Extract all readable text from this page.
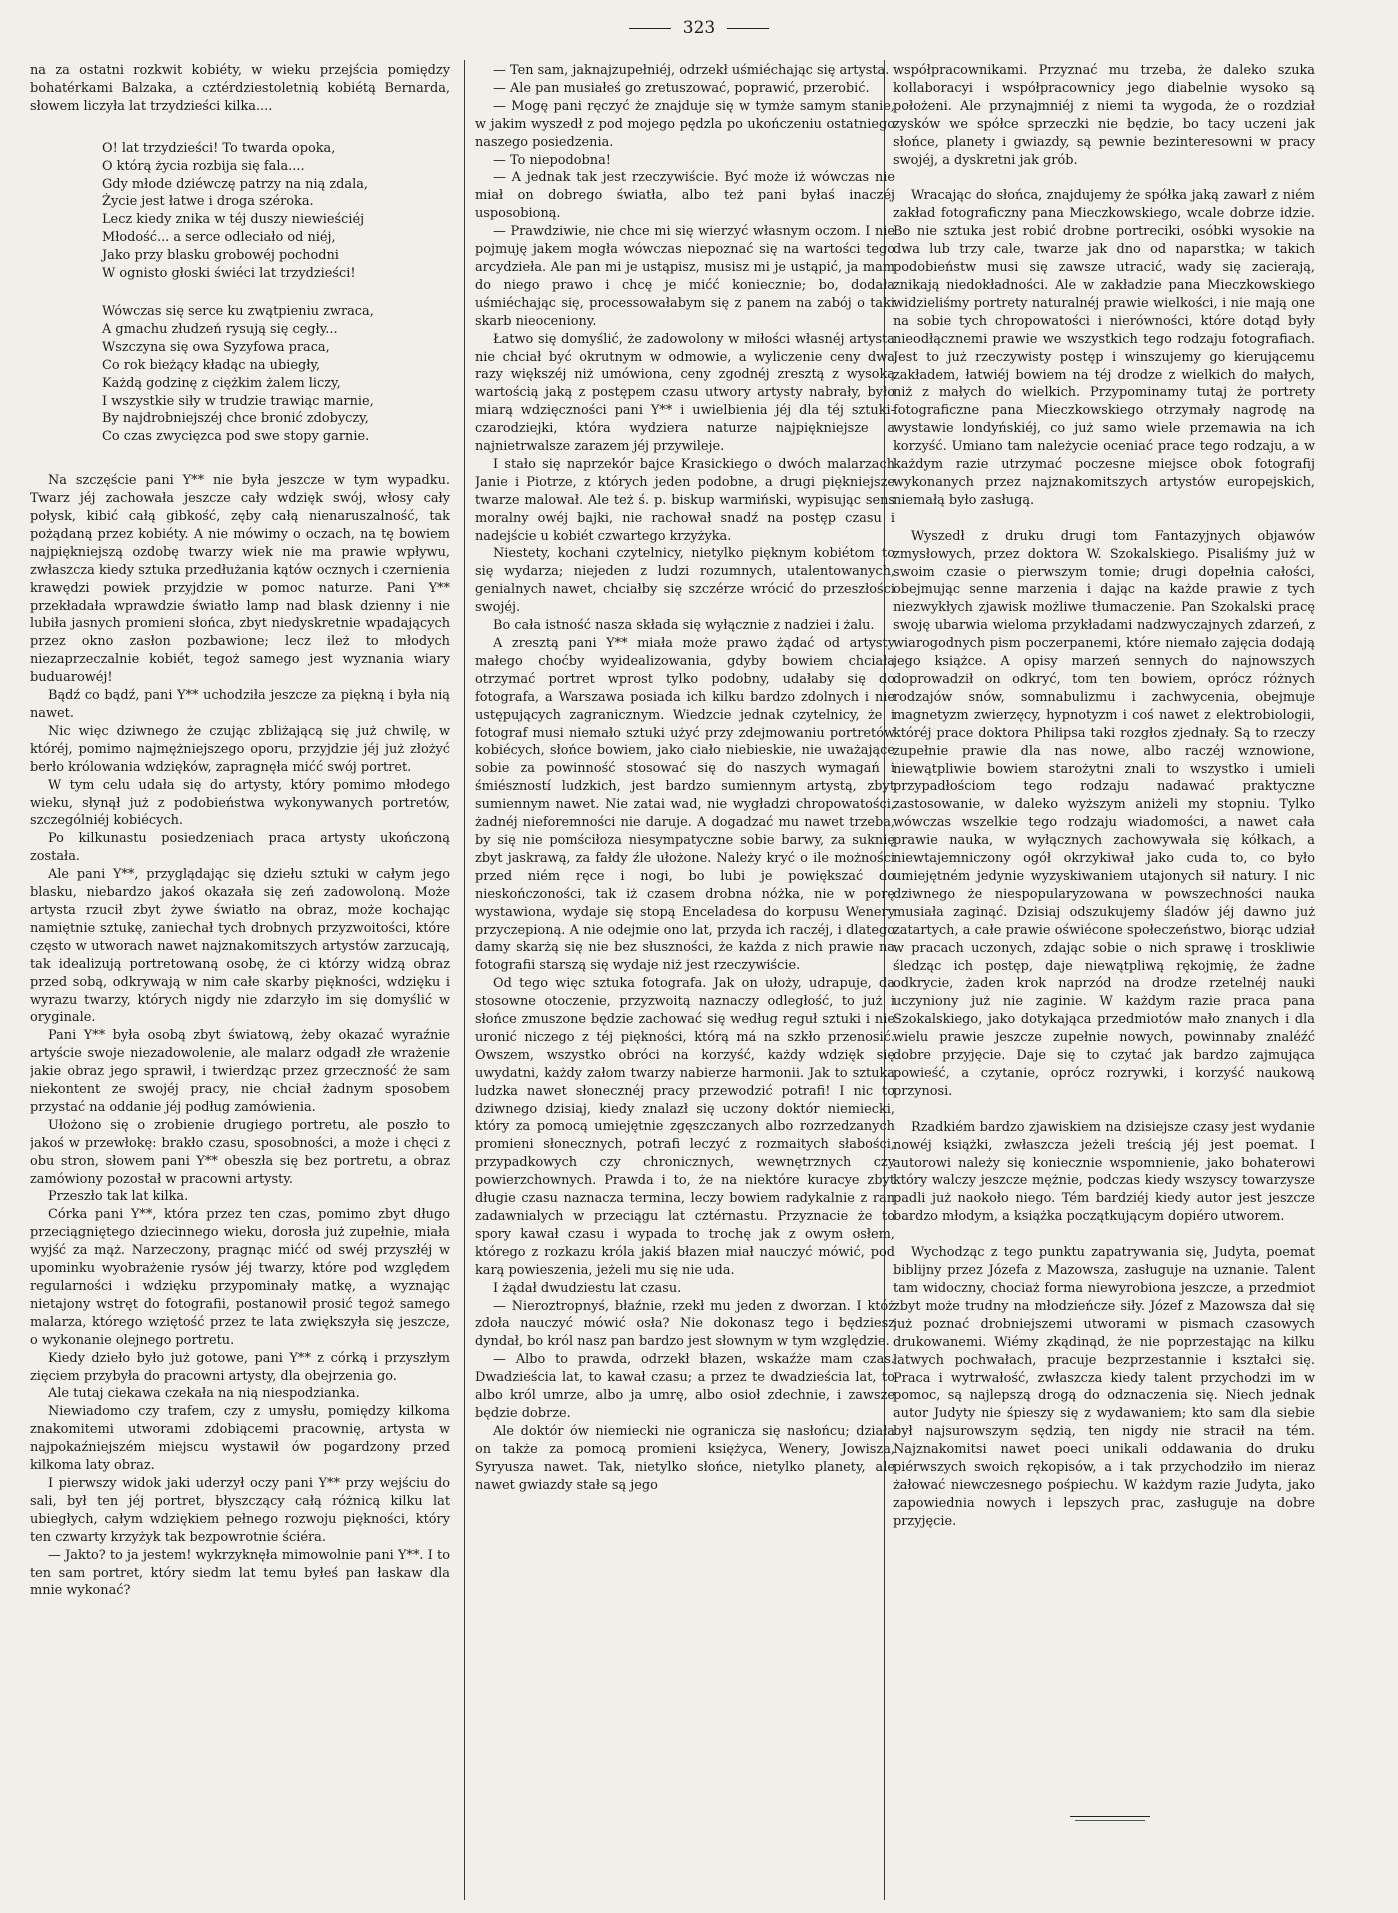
323

na za ostatni rozkwit kobiéty, w wieku przejścia pomiędzy bohatérkami Balzaka, a cztérdziestoletnią kobiétą Bernarda, słowem liczyła lat trzydzieści kilka....

O! lat trzydzieści! To twarda opoka,
O którą życia rozbija się fala....
Gdy młode dziéwczę patrzy na nią zdala,
Życie jest łatwe i droga széroka.
Lecz kiedy znika w téj duszy niewieściéj
Młodość... a serce odleciało od niéj,
Jako przy blasku grobowéj pochodni
W ognisto głoski świéci lat trzydzieści!
Wówczas się serce ku zwątpieniu zwraca,
A gmachu złudzeń rysują się cegły...
Wszczyna się owa Syzyfowa praca,
Co rok bieżący kładąc na ubiegły,
Każdą godzinę z ciężkim żalem liczy,
I wszystkie siły w trudzie trawiąc marnie,
By najdrobniejszéj chce bronić zdobyczy,
Co czas zwycięzca pod swe stopy garnie.

Na szczęście pani Y** nie była jeszcze w tym wypadku. Twarz jéj zachowała jeszcze cały wdzięk swój, włosy cały połysk, kibić całą gibkość, zęby całą nienaruszalność, tak pożądaną przez kobiéty. A nie mówimy o oczach, na tę bowiem najpiękniejszą ozdobę twarzy wiek nie ma prawie wpływu, zwłaszcza kiedy sztuka przedłużania kątów ocznych i czernienia krawędzi powiek przyjdzie w pomoc naturze. Pani Y** przekładała wprawdzie światło lamp nad blask dzienny i nie lubiła jasnych promieni słońca, zbyt niedyskretnie wpadających przez okno zasłon pozbawione; lecz ileż to młodych niezaprzeczalnie kobiét, tegoż samego jest wyznania wiary buduarowéj!

Bądź co bądź, pani Y** uchodziła jeszcze za piękną i była nią nawet.

Nic więc dziwnego że czując zbliżającą się już chwilę, w któréj, pomimo najmężniejszego oporu, przyjdzie jéj już złożyć berło królowania wdzięków, zapragnęła mićć swój portret.

W tym celu udała się do artysty, który pomimo młodego wieku, słynął już z podobieństwa wykonywanych portretów, szczególniéj kobiécych.

Po kilkunastu posiedzeniach praca artysty ukończoną została.

Ale pani Y**, przyglądając się dziełu sztuki w całym jego blasku, niebardzo jakoś okazała się zeń zadowoloną. Może artysta rzucił zbyt żywe światło na obraz, może kochając namiętnie sztukę, zaniechał tych drobnych przyzwoitości, które często w utworach nawet najznakomitszych artystów zarzucają, tak idealizują portretowaną osobę, że ci którzy widzą obraz przed sobą, odkrywają w nim całe skarby piękności, wdzięku i wyrazu twarzy, których nigdy nie zdarzyło im się domyślić w oryginale.

Pani Y** była osobą zbyt światową, żeby okazać wyraźnie artyście swoje niezadowolenie, ale malarz odgadł złe wrażenie jakie obraz jego sprawił, i twierdząc przez grzeczność że sam niekontent ze swojéj pracy, nie chciał żadnym sposobem przystać na oddanie jéj podług zamówienia.

Ułożono się o zrobienie drugiego portretu, ale poszło to jakoś w przewłokę: brakło czasu, sposobności, a może i chęci z obu stron, słowem pani Y** obeszła się bez portretu, a obraz zamówiony pozostał w pracowni artysty.

Przeszło tak lat kilka.

Córka pani Y**, która przez ten czas, pomimo zbyt długo przeciągniętego dziecinnego wieku, dorosła już zupełnie, miała wyjść za mąż. Narzeczony, pragnąc mićć od swéj przyszłéj w upominku wyobrażenie rysów jéj twarzy, które pod względem regularności i wdzięku przypominały matkę, a wyznając nietajony wstręt do fotografii, postanowił prosić tegoż samego malarza, którego wziętość przez te lata zwiększyła się jeszcze, o wykonanie olejnego portretu.

Kiedy dzieło było już gotowe, pani Y** z córką i przyszłym zięciem przybyła do pracowni artysty, dla obejrzenia go.

Ale tutaj ciekawa czekała na nią niespodzianka.

Niewiadomo czy trafem, czy z umysłu, pomiędzy kilkoma znakomitemi utworami zdobiącemi pracownię, artysta w najpokaźniejszém miejscu wystawił ów pogardzony przed kilkoma laty obraz.

I pierwszy widok jaki uderzył oczy pani Y** przy wejściu do sali, był ten jéj portret, błyszczący całą różnicą kilku lat ubiegłych, całym wdziękiem pełnego rozwoju piękności, który ten czwarty krzyżyk tak bezpowrotnie ściéra.

— Jakto? to ja jestem! wykrzyknęła mimowolnie pani Y**. I to ten sam portret, który siedm lat temu byłeś pan łaskaw dla mnie wykonać?

— Ten sam, jaknajzupełniéj, odrzekł uśmiéchając się artysta.

— Ale pan musiałeś go zretuszować, poprawić, przerobić.

— Mogę pani ręczyć że znajduje się w tymże samym stanie, w jakim wyszedł z pod mojego pędzla po ukończeniu ostatniego naszego posiedzenia.

— To niepodobna!

— A jednak tak jest rzeczywiście. Być może iż wówczas nie miał on dobrego światła, albo też pani byłaś inaczéj usposobioną.

— Prawdziwie, nie chce mi się wierzyć własnym oczom. I nie pojmuję jakem mogła wówczas niepoznać się na wartości tego arcydzieła. Ale pan mi je ustąpisz, musisz mi je ustąpić, ja mam do niego prawo i chcę je mićć koniecznie; bo, dodała uśmiéchając się, processowałabym się z panem na zabój o taki skarb nieoceniony.

Łatwo się domyślić, że zadowolony w miłości własnéj artysta nie chciał być okrutnym w odmowie, a wyliczenie ceny dwa razy większéj niż umówiona, ceny zgodnéj zresztą z wysoką wartością jaką z postępem czasu utwory artysty nabrały, było miarą wdzięczności pani Y** i uwielbienia jéj dla téj sztuki-czarodziejki, która wydziera naturze najpiękniejsze a najnietrwalsze zarazem jéj przywileje.

I stało się naprzekór bajce Krasickiego o dwóch malarzach Janie i Piotrze, z których jeden podobne, a drugi piękniejsze twarze malował. Ale też ś. p. biskup warmiński, wypisując sens moralny owéj bajki, nie rachował snadź na postęp czasu i nadejście u kobiét czwartego krzyżyka.

Niestety, kochani czytelnicy, nietylko pięknym kobiétom to się wydarza; niejeden z ludzi rozumnych, utalentowanych, genialnych nawet, chciałby się szczérze wrócić do przeszłości swojéj.

Bo cała istność nasza składa się wyłącznie z nadziei i żalu.

A zresztą pani Y** miała może prawo żądać od artysty małego choćby wyidealizowania, gdyby bowiem chciała otrzymać portret wprost tylko podobny, udałaby się do fotografa, a Warszawa posiada ich kilku bardzo zdolnych i nie ustępujących zagranicznym. Wiedzcie jednak czytelnicy, że i fotograf musi niemało sztuki użyć przy zdejmowaniu portretów kobiécych, słońce bowiem, jako ciało niebieskie, nie uważające sobie za powinność stosować się do naszych wymagań i śmiészností ludzkich, jest bardzo sumiennym artystą, zbyt sumiennym nawet. Nie zatai wad, nie wygładzi chropowatości, żadnéj nieforemności nie daruje. A dogadzać mu nawet trzeba, by się nie pomściłoza niesympatyczne sobie barwy, za suknię zbyt jaskrawą, za fałdy źle ułożone. Należy kryć o ile możności przed niém ręce i nogi, bo lubi je powiększać do nieskończoności, tak iż czasem drobna nóżka, nie w porę wystawiona, wydaje się stopą Enceladesa do korpusu Wenery przyczepioną. A nie odejmie ono lat, przyda ich raczéj, i dlatego damy skarżą się nie bez słuszności, że każda z nich prawie na fotografii starszą się wydaje niż jest rzeczywiście.

Od tego więc sztuka fotografa. Jak on ułoży, udrapuje, da stosowne otoczenie, przyzwoitą naznaczy odległość, to już i słońce zmuszone będzie zachować się według reguł sztuki i nie uronić niczego z téj piękności, którą má na szkło przenosić. Owszem, wszystko obróci na korzyść, każdy wdzięk się uwydatni, każdy załom twarzy nabierze harmonii. Jak to sztuka ludzka nawet słonecznéj pracy przewodzić potrafi! I nic to dziwnego dzisiaj, kiedy znalazł się uczony doktór niemiecki, który za pomocą umiejętnie zgęszczanych albo rozrzedzanych promieni słonecznych, potrafi leczyć z rozmaitych słabości, przypadkowych czy chronicznych, wewnętrznych czy powierzchownych. Prawda i to, że na niektóre kuracye zbyt długie czasu naznacza termina, leczy bowiem radykalnie z ran zadawnialych w przeciągu lat cztérnastu. Przyznacie że to spory kawał czasu i wypada to trochę jak z owym osłem, którego z rozkazu króla jakiś błazen miał nauczyć mówić, pod karą powieszenia, jeżeli mu się nie uda.

I żądał dwudziestu lat czasu.

— Nieroztropnyś, błaźnie, rzekł mu jeden z dworzan. I któż zdoła nauczyć mówić osła? Nie dokonasz tego i będziesz dyndał, bo król nasz pan bardzo jest słownym w tym względzie.

— Albo to prawda, odrzekł błazen, wskaźże mam czas. Dwadzieścia lat, to kawał czasu; a przez te dwadzieścia lat, to albo król umrze, albo ja umrę, albo osioł zdechnie, i zawsze będzie dobrze.

Ale doktór ów niemiecki nie ogranicza się nasłońcu; działa on także za pomocą promieni księżyca, Wenery, Jowisza, Syryusza nawet. Tak, nietylko słońce, nietylko planety, ale nawet gwiazdy stałe są jego

współpracownikami. Przyznać mu trzeba, że daleko szuka kollaboracyi i współpracownicy jego diabelnie wysoko są położeni. Ale przynajmniéj z niemi ta wygoda, że o rozdział zysków we spółce sprzeczki nie będzie, bo tacy uczeni jak słońce, planety i gwiazdy, są pewnie bezinteresowni w pracy swojéj, a dyskretni jak grób.

Wracając do słońca, znajdujemy że spółka jaką zawarł z niém zakład fotograficzny pana Mieczkowskiego, wcale dobrze idzie. Bo nie sztuka jest robić drobne portreciki, osóbki wysokie na dwa lub trzy cale, twarze jak dno od naparstka; w takich podobieństw musi się zawsze utracić, wady się zacierają, znikają niedokładności. Ale w zakładzie pana Mieczkowskiego widzieliśmy portrety naturalnéj prawie wielkości, i nie mają one na sobie tych chropowatości i nierówności, które dotąd były nieodłącznemi prawie we wszystkich tego rodzaju fotografiach. Jest to już rzeczywisty postęp i winszujemy go kierującemu zakładem, łatwiéj bowiem na téj drodze z wielkich do małych, niż z małych do wielkich. Przypominamy tutaj że portrety fotograficzne pana Mieczkowskiego otrzymały nagrodę na wystawie londyńskiéj, co już samo wiele przemawia na ich korzyść. Umiano tam należycie oceniać prace tego rodzaju, a w każdym razie utrzymać poczesne miejsce obok fotografij wykonanych przez najznakomitszych artystów europejskich, niemałą było zasługą.

Wyszedł z druku drugi tom Fantazyjnych objawów zmysłowych, przez doktora W. Szokalskiego. Pisaliśmy już w swoim czasie o pierwszym tomie; drugi dopełnia całości, obejmując senne marzenia i dając na każde prawie z tych niezwykłych zjawisk możliwe tłumaczenie. Pan Szokalski pracę swoję ubarwia wieloma przykładami nadzwyczajnych zdarzeń, z wiarogodnych pism poczerpanemi, które niemało zajęcia dodają jego książce. A opisy marzeń sennych do najnowszych doprowadził on odkryć, tom ten bowiem, oprócz różnych rodzajów snów, somnabulizmu i zachwycenia, obejmuje magnetyzm zwierzęcy, hypnotyzm i coś nawet z elektrobiologii, któréj prace doktora Philipsa taki rozgłos zjednały. Są to rzeczy zupełnie prawie dla nas nowe, albo raczéj wznowione, niewątpliwie bowiem starożytni znali to wszystko i umieli przypadłościom tego rodzaju nadawać praktyczne zastosowanie, w daleko wyższym aniżeli my stopniu. Tylko wówczas wszelkie tego rodzaju wiadomości, a nawet cała prawie nauka, w wyłącznych zachowywała się kółkach, a niewtajemniczony ogół okrzykiwał jako cuda to, co było umiejętném jedynie wyzyskiwaniem utajonych sił natury. I nic dziwnego że niespopularyzowana w powszechności nauka musiała zaginąć. Dzisiaj odszukujemy śladów jéj dawno już zatartych, a całe prawie oświécone społeczeństwo, biorąc udział w pracach uczonych, zdając sobie o nich sprawę i troskliwie śledząc ich postęp, daje niewątpliwą rękojmię, że żadne odkrycie, żaden krok naprzód na drodze rzetelnéj nauki uczyniony już nie zaginie. W każdym razie praca pana Szokalskiego, jako dotykająca przedmiotów mało znanych i dla wielu prawie jeszcze zupełnie nowych, powinnaby znaléźć dobre przyjęcie. Daje się to czytać jak bardzo zajmująca powieść, a czytanie, oprócz rozrywki, i korzyść naukową przynosi.

Rzadkiém bardzo zjawiskiem na dzisiejsze czasy jest wydanie nowéj książki, zwłaszcza jeżeli treścią jéj jest poemat. I autorowi należy się koniecznie wspomnienie, jako bohaterowi który walczy jeszcze mężnie, podczas kiedy wszyscy towarzysze padli już naokoło niego. Tém bardziéj kiedy autor jest jeszcze bardzo młodym, a książka początkującym dopiéro utworem.

Wychodząc z tego punktu zapatrywania się, Judyta, poemat biblijny przez Józefa z Mazowsza, zasługuje na uznanie. Talent tam widoczny, chociaż forma niewyrobiona jeszcze, a przedmiot zbyt może trudny na młodzieńcze siły. Józef z Mazowsza dał się już poznać drobniejszemi utworami w pismach czasowych drukowanemi. Wiémy zkądinąd, że nie poprzestając na kilku łatwych pochwałach, pracuje bezprzestannie i kształci się. Praca i wytrwałość, zwłaszcza kiedy talent przychodzi im w pomoc, są najlepszą drogą do odznaczenia się. Niech jednak autor Judyty nie śpieszy się z wydawaniem; kto sam dla siebie był najsurowszym sędzią, ten nigdy nie stracił na tém. Najznakomitsi nawet poeci unikali oddawania do druku piérwszych swoich rękopisów, a i tak przychodziło im nieraz żałować niewczesnego pośpiechu. W każdym razie Judyta, jako zapowiednia nowych i lepszych prac, zasługuje na dobre przyjęcie.
